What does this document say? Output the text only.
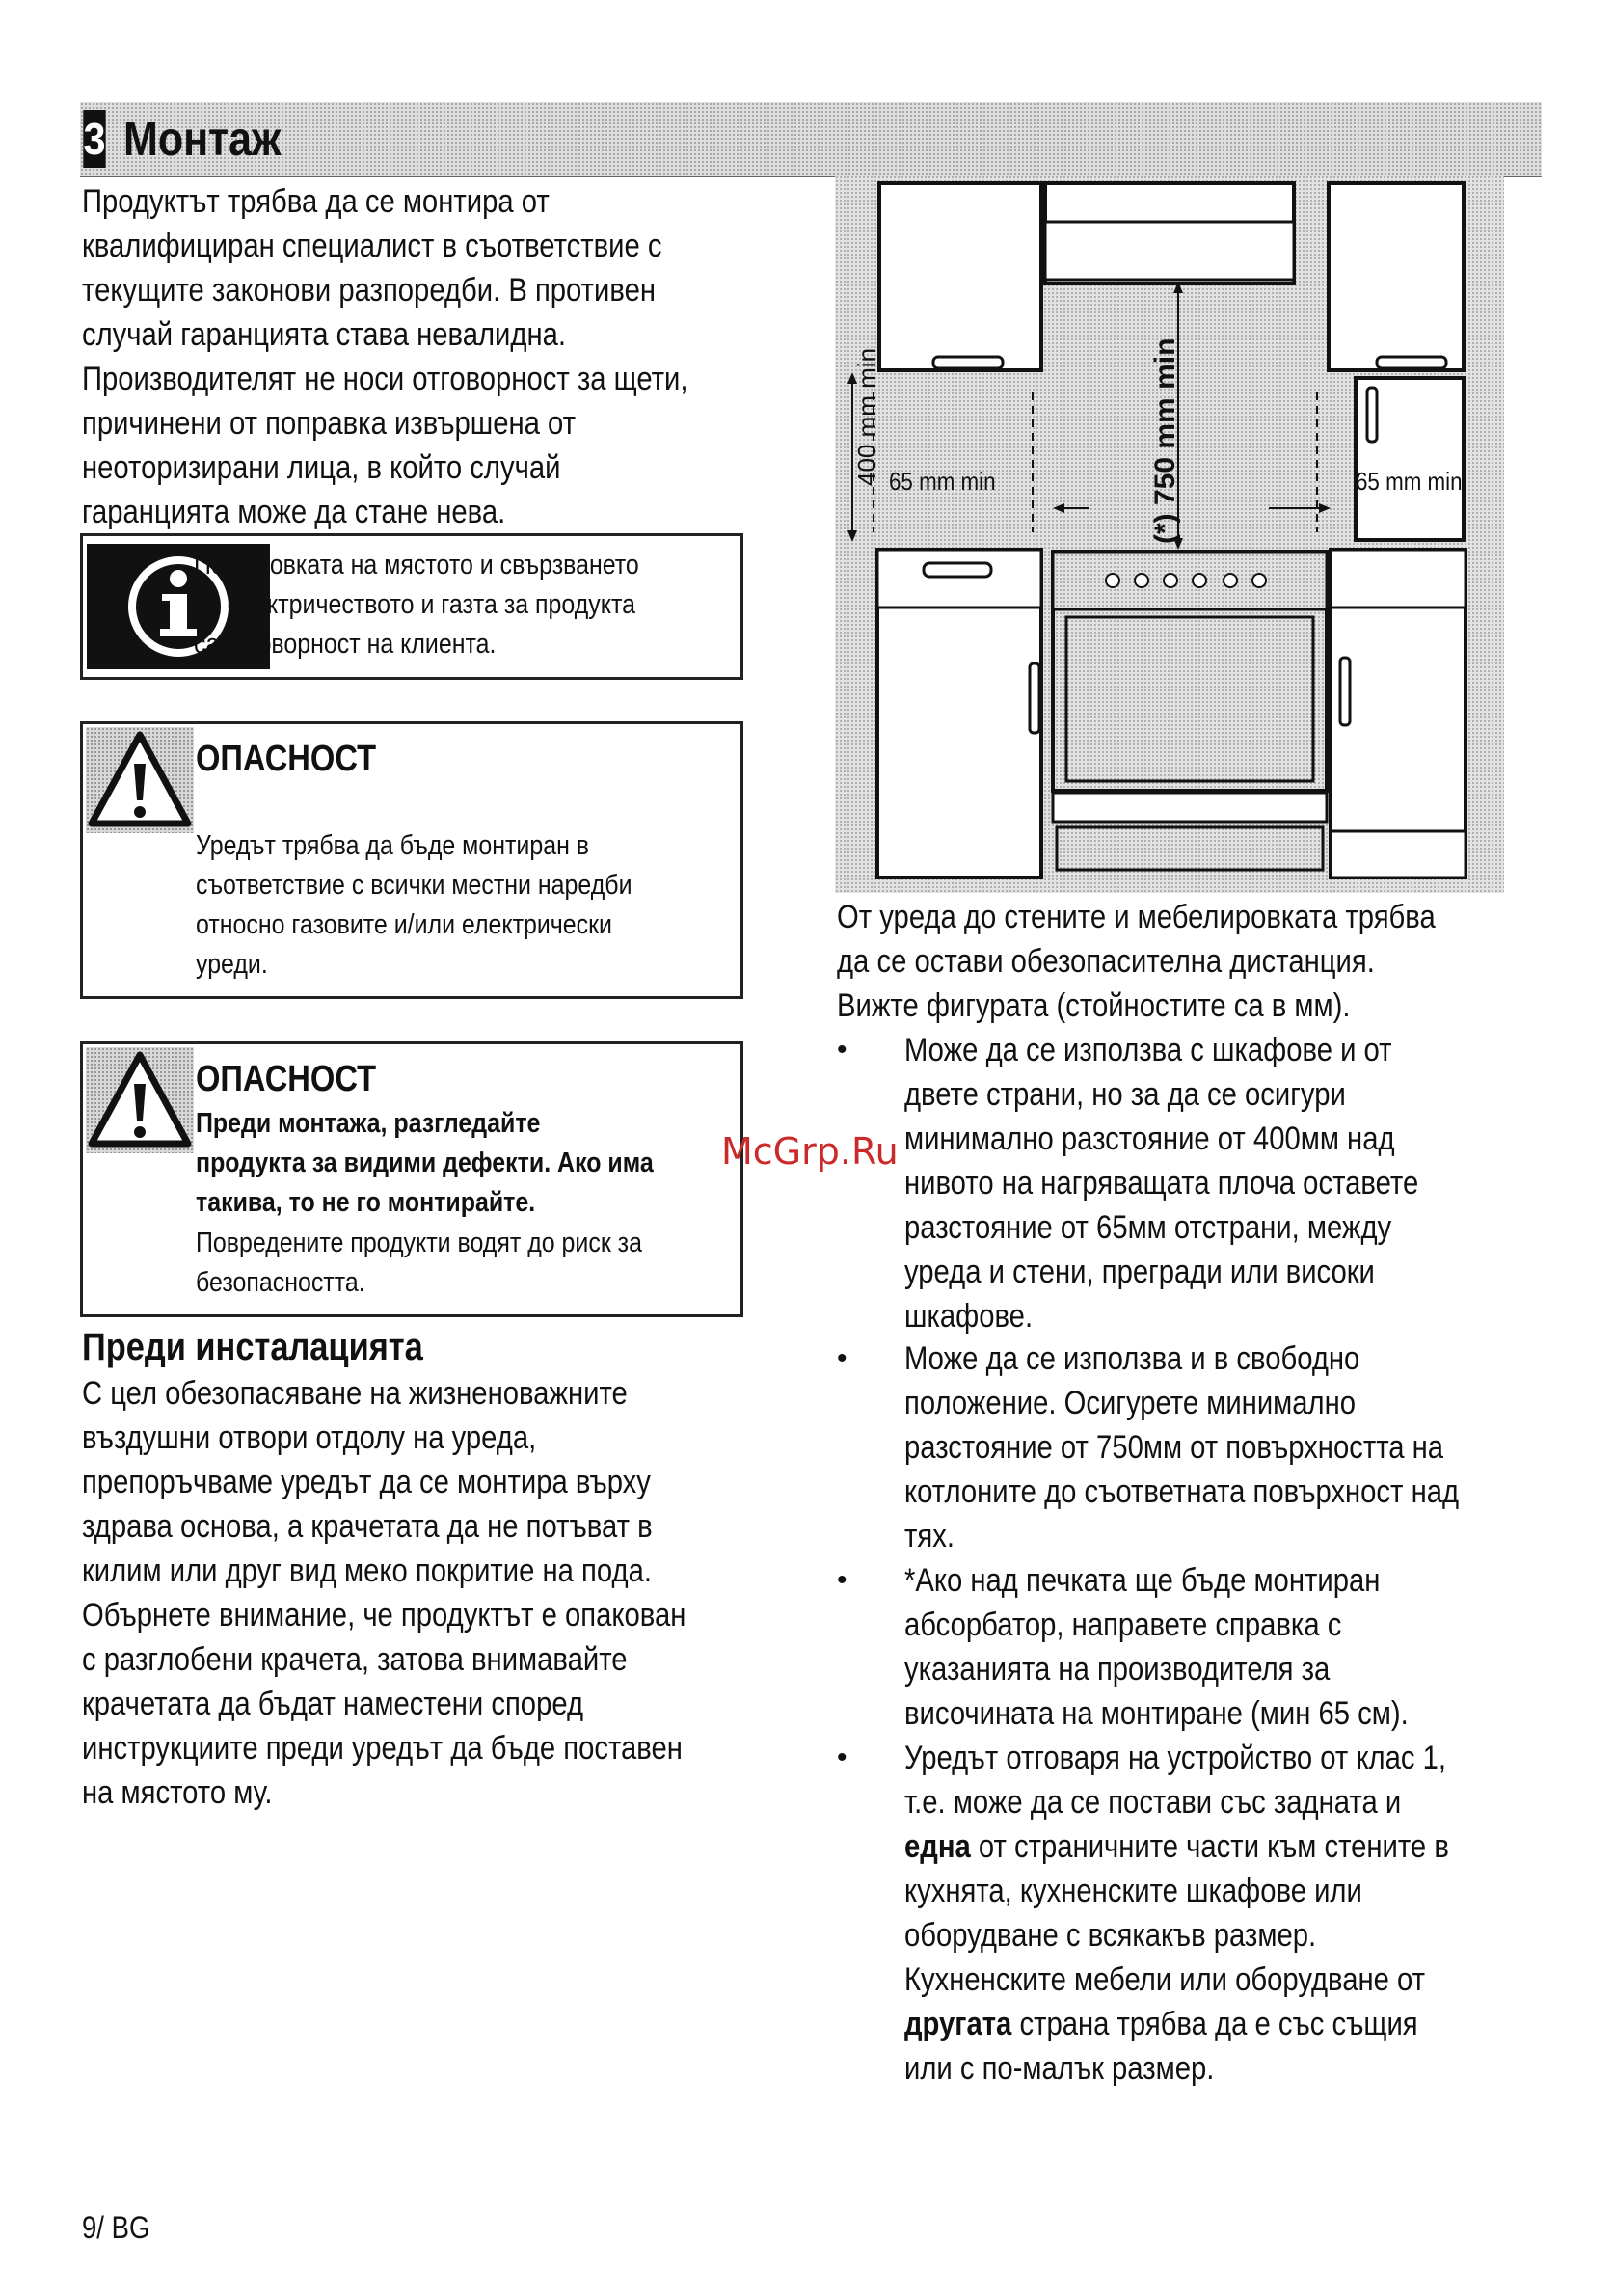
3 Монтаж
Продуктът трябва да се монтира от
квалифициран специалист в съответствие с
текущите законови разпоредби. В противен
случай гаранцията става невалидна.
Производителят не носи отговорност за щети,
причинени от поправка извършена от
неоторизирани лица, в който случай
гаранцията може да стане нева.
Подготовката на мястото и свързването
на електричеството и газта за продукта
са отговорност на клиента.
ОПАСНОСТ
Уредът трябва да бъде монтиран в
съответствие с всички местни наредби
относно газовите и/или електрически
уреди.
ОПАСНОСТ
Преди монтажа, разгледайте
продукта за видими дефекти. Ако има
такива, то не го монтирайте.
Повредените продукти водят до риск за
безопасността.
Преди инсталацията
С цел обезопасяване на жизненоважните
въздушни отвори отдолу на уреда,
препоръчваме уредът да се монтира върху
здрава основа, а крачетата да не потъват в
килим или друг вид меко покритие на пода.
Обърнете внимание, че продуктът е опакован
с разглобени крачета, затова внимавайте
крачетата да бъдат наместени според
инструкциите преди уредът да бъде поставен
на мястото му.
400 mm min 65 mm min	65 mm min
(*) 750 mm min
От уреда до стените и мебелировката трябва
да се остави обезопасителна дистанция.
Вижте фигурата (стойностите са в мм).
• Може да се използва с шкафове и от
двете страни, но за да се осигури
минимално разстояние от 400мм над
нивото на нагряващата плоча оставете
разстояние от 65мм отстрани, между
уреда и стени, прегради или високи
шкафове.
• Може да се използва и в свободно
положение. Осигурете минимално
разстояние от 750мм от повърхността на
котлоните до съответната повърхност над
тях.
• *Ако над печката ще бъде монтиран
абсорбатор, направете справка с
указанията на производителя за
височината на монтиране (мин 65 см).
• Уредът отговаря на устройство от клас 1,
т.е. може да се постави със задната и
една от страничните части към стените в
кухнята, кухненските шкафове или
оборудване с всякакъв размер.
Кухненските мебели или оборудване от
другата страна трябва да е със същия
или с по-малък размер.
McGrp.Ru
9/ BG
